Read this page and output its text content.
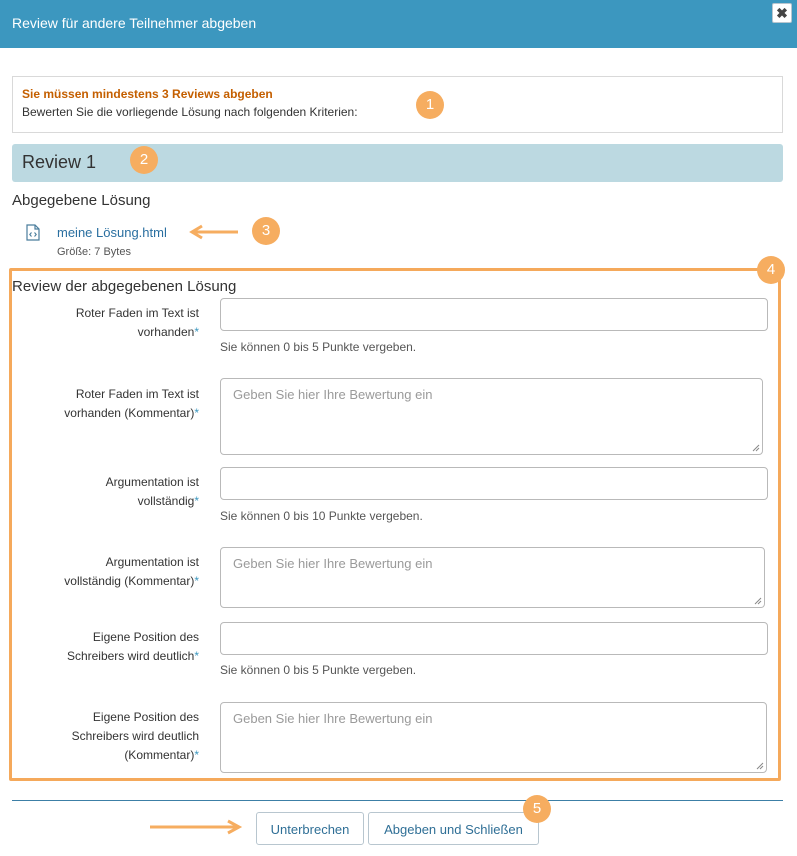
Review für andere Teilnehmer abgeben
✖
Sie müssen mindestens 3 Reviews abgeben
Bewerten Sie die vorliegende Lösung nach folgenden Kriterien:	1
Review 1	2
Abgegebene Lösung
meine Lösung.html
Größe: 7 Bytes
3
4
Review der abgegebenen Lösung
Roter Faden im Text ist
vorhanden*
Sie können 0 bis 5 Punkte vergeben.
Roter Faden im Text ist
vorhanden (Kommentar)*
Geben Sie hier Ihre Bewertung ein
Argumentation ist
vollständig*
Sie können 0 bis 10 Punkte vergeben.
Argumentation ist
vollständig (Kommentar)*
Geben Sie hier Ihre Bewertung ein
Eigene Position des
Schreibers wird deutlich*
Sie können 0 bis 5 Punkte vergeben.
Eigene Position des
Schreibers wird deutlich
(Kommentar)*
Geben Sie hier Ihre Bewertung ein
Unterbrechen	Abgeben und Schließen
5
